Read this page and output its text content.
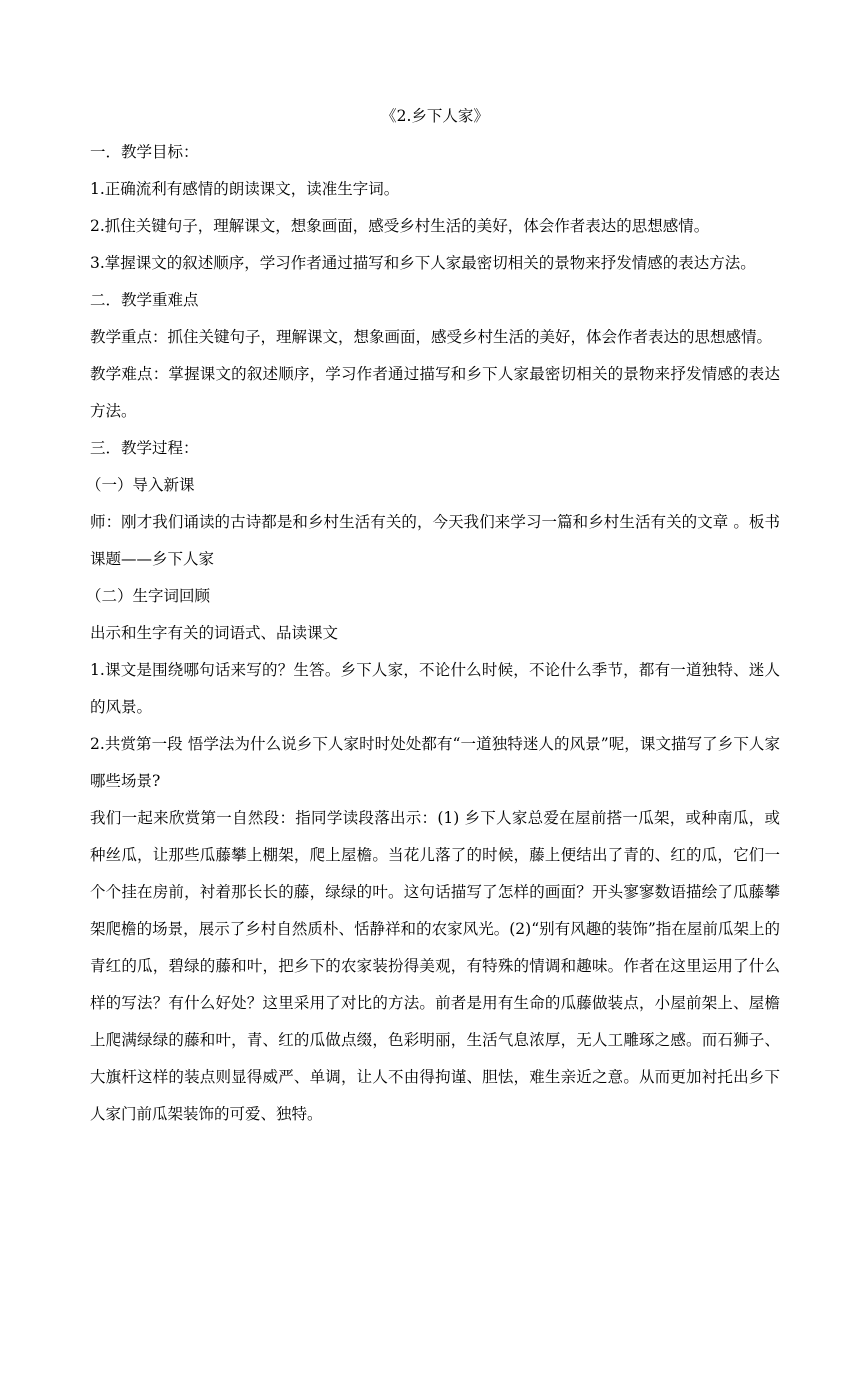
《2.乡下人家》
一．教学目标：
1.正确流利有感情的朗读课文，读准生字词。
2.抓住关键句子，理解课文，想象画面，感受乡村生活的美好，体会作者表达的思想感情。
3.掌握课文的叙述顺序，学习作者通过描写和乡下人家最密切相关的景物来抒发情感的表达方法。
二．教学重难点
教学重点：抓住关键句子，理解课文，想象画面，感受乡村生活的美好，体会作者表达的思想感情。
教学难点：掌握课文的叙述顺序，学习作者通过描写和乡下人家最密切相关的景物来抒发情感的表达方法。
三．教学过程：
（一）导入新课
师：刚才我们诵读的古诗都是和乡村生活有关的，今天我们来学习一篇和乡村生活有关的文章 。板书课题——乡下人家
（二）生字词回顾
出示和生字有关的词语式、品读课文
1.课文是围绕哪句话来写的？生答。乡下人家，不论什么时候，不论什么季节，都有一道独特、迷人的风景。
2.共赏第一段 悟学法为什么说乡下人家时时处处都有“一道独特迷人的风景”呢，课文描写了乡下人家哪些场景?
我们一起来欣赏第一自然段：指同学读段落出示：(1) 乡下人家总爱在屋前搭一瓜架，或种南瓜，或种丝瓜，让那些瓜藤攀上棚架，爬上屋檐。当花儿落了的时候，藤上便结出了青的、红的瓜，它们一个个挂在房前，衬着那长长的藤，绿绿的叶。这句话描写了怎样的画面？开头寥寥数语描绘了瓜藤攀架爬檐的场景，展示了乡村自然质朴、恬静祥和的农家风光。(2)“别有风趣的装饰”指在屋前瓜架上的青红的瓜，碧绿的藤和叶，把乡下的农家装扮得美观，有特殊的情调和趣味。作者在这里运用了什么样的写法？有什么好处？这里采用了对比的方法。前者是用有生命的瓜藤做装点，小屋前架上、屋檐上爬满绿绿的藤和叶，青、红的瓜做点缀，色彩明丽，生活气息浓厚，无人工雕琢之感。而石狮子、大旗杆这样的装点则显得威严、单调，让人不由得拘谨、胆怯，难生亲近之意。从而更加衬托出乡下人家门前瓜架装饰的可爱、独特。
